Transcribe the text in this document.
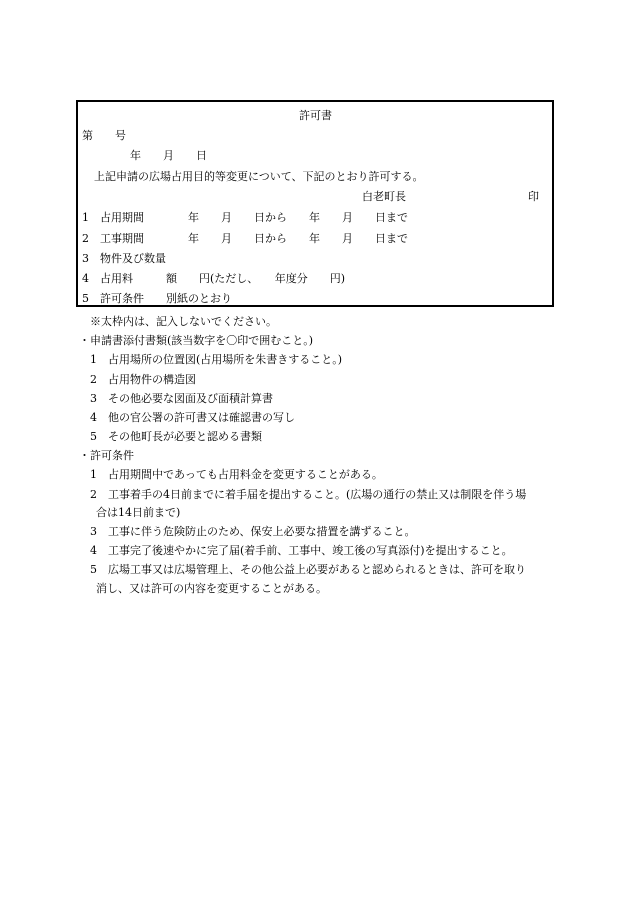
許可書
第　　号
年　　月　　日
上記申請の広場占用目的等変更について、下記のとおり許可する。
白老町長	印
1　占用期間　　　　年　　月　　日から　　年　　月　　日まで
2　工事期間　　　　年　　月　　日から　　年　　月　　日まで
3　物件及び数量
4　占用料　　　額　　円(ただし、　　年度分　　円)
5　許可条件　　別紙のとおり
※太枠内は、記入しないでください。
・申請書添付書類(該当数字を〇印で囲むこと。)
1　占用場所の位置図(占用場所を朱書きすること。)
2　占用物件の構造図
3　その他必要な図面及び面積計算書
4　他の官公署の許可書又は確認書の写し
5　その他町長が必要と認める書類
・許可条件
1　占用期間中であっても占用料金を変更することがある。
2　工事着手の4日前までに着手届を提出すること。(広場の通行の禁止又は制限を伴う場
合は14日前まで)
3　工事に伴う危険防止のため、保安上必要な措置を講ずること。
4　工事完了後速やかに完了届(着手前、工事中、竣工後の写真添付)を提出すること。
5　広場工事又は広場管理上、その他公益上必要があると認められるときは、許可を取り
消し、又は許可の内容を変更することがある。
